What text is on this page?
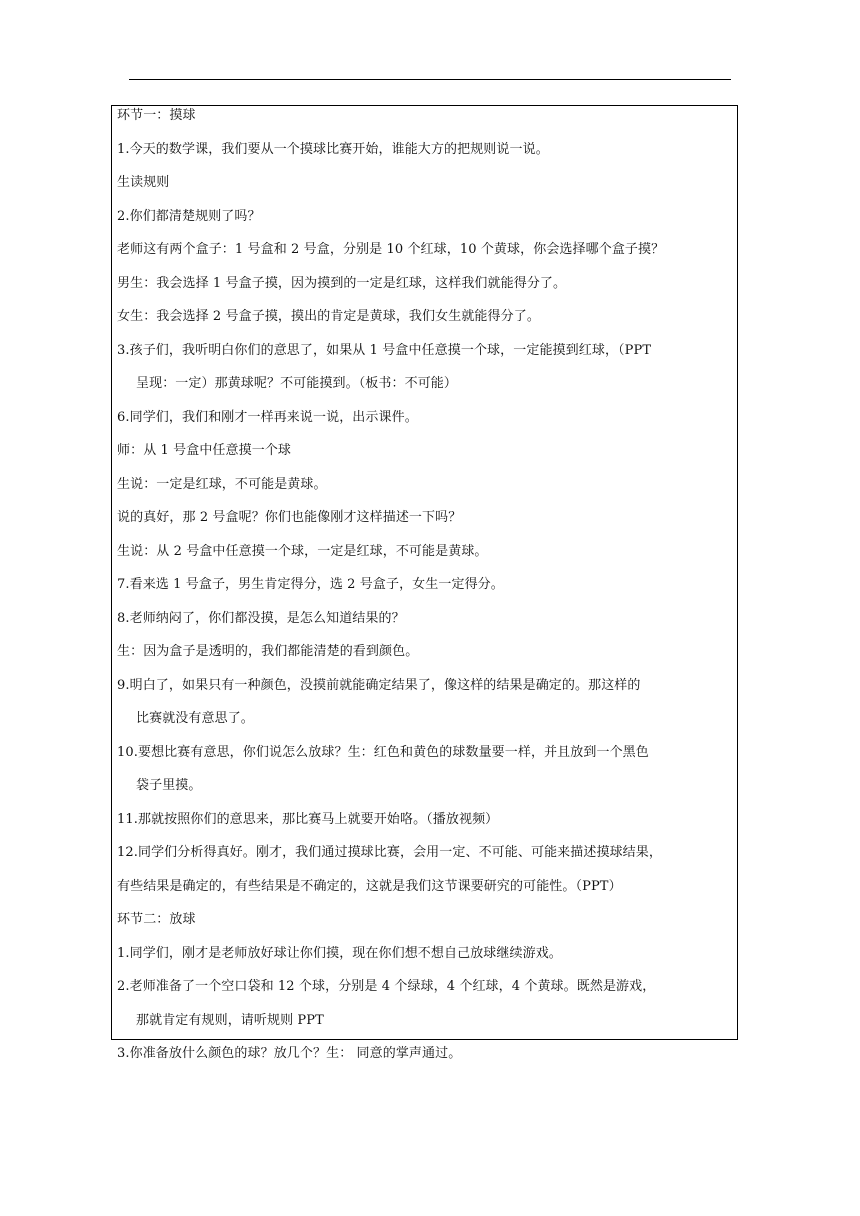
环节一：摸球
1.今天的数学课，我们要从一个摸球比赛开始，谁能大方的把规则说一说。
生读规则
2.你们都清楚规则了吗？
老师这有两个盒子：1 号盒和 2 号盒，分别是 10 个红球，10 个黄球，你会选择哪个盒子摸？
男生：我会选择 1 号盒子摸，因为摸到的一定是红球，这样我们就能得分了。
女生：我会选择 2 号盒子摸，摸出的肯定是黄球，我们女生就能得分了。
3.孩子们，我听明白你们的意思了，如果从 1 号盒中任意摸一个球，一定能摸到红球，（PPT
呈现：一定）那黄球呢？不可能摸到。（板书：不可能）
6.同学们，我们和刚才一样再来说一说，出示课件。
师：从 1 号盒中任意摸一个球
生说：一定是红球，不可能是黄球。
说的真好，那 2 号盒呢？你们也能像刚才这样描述一下吗？
生说：从 2 号盒中任意摸一个球，一定是红球，不可能是黄球。
7.看来选 1 号盒子，男生肯定得分，选 2 号盒子，女生一定得分。
8.老师纳闷了，你们都没摸，是怎么知道结果的？
生：因为盒子是透明的，我们都能清楚的看到颜色。
9.明白了，如果只有一种颜色，没摸前就能确定结果了，像这样的结果是确定的。那这样的
比赛就没有意思了。
10.要想比赛有意思，你们说怎么放球？生：红色和黄色的球数量要一样，并且放到一个黑色
袋子里摸。
11.那就按照你们的意思来，那比赛马上就要开始咯。（播放视频）
12.同学们分析得真好。刚才，我们通过摸球比赛，会用一定、不可能、可能来描述摸球结果，
有些结果是确定的，有些结果是不确定的，这就是我们这节课要研究的可能性。（PPT）
环节二：放球
1.同学们，刚才是老师放好球让你们摸，现在你们想不想自己放球继续游戏。
2.老师准备了一个空口袋和 12 个球，分别是 4 个绿球，4 个红球，4 个黄球。既然是游戏，
那就肯定有规则，请听规则 PPT
3.你准备放什么颜色的球？放几个？生： 同意的掌声通过。
